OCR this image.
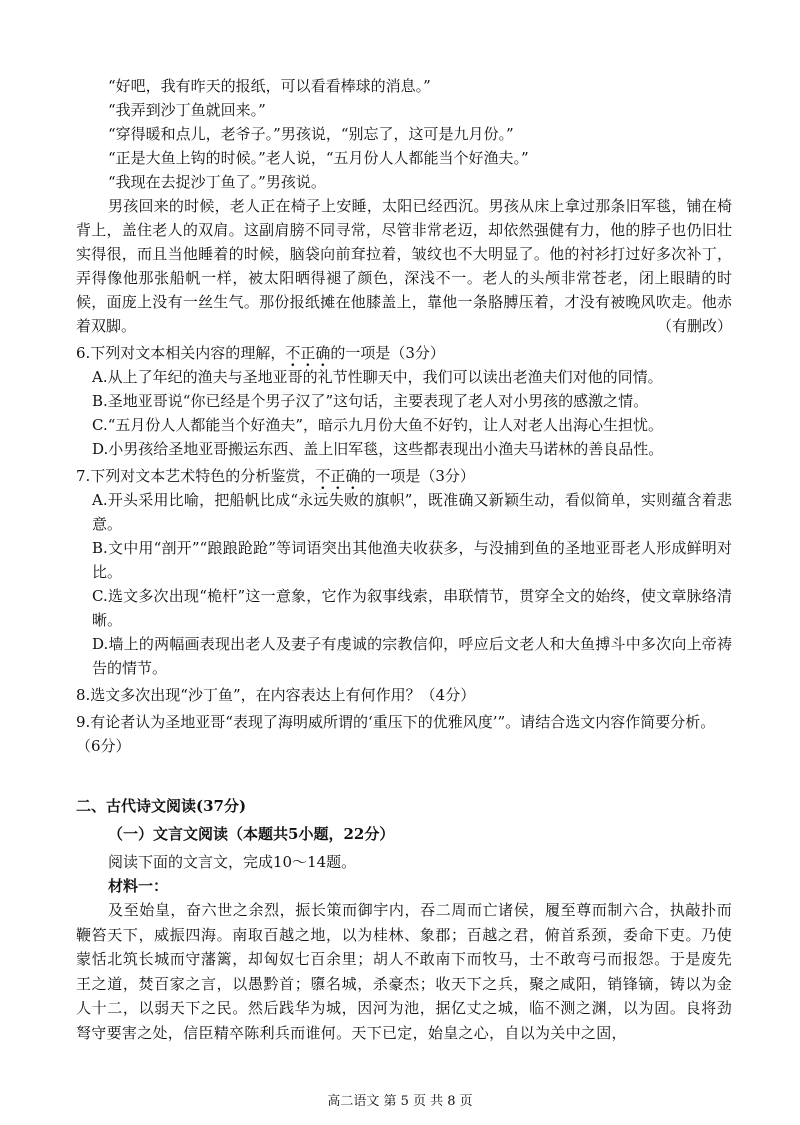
“好吧，我有昨天的报纸，可以看看棒球的消息。”
“我弄到沙丁鱼就回来。”
“穿得暖和点儿，老爷子。”男孩说，“别忘了，这可是九月份。”
“正是大鱼上钩的时候。”老人说，“五月份人人都能当个好渔夫。”
“我现在去捉沙丁鱼了。”男孩说。
男孩回来的时候，老人正在椅子上安睡，太阳已经西沉。男孩从床上拿过那条旧军毯，铺在椅背上，盖住老人的双肩。这副肩膀不同寻常，尽管非常老迈，却依然强健有力，他的脖子也仍旧壮实得很，而且当他睡着的时候，脑袋向前耷拉着，皱纹也不大明显了。他的衬衫打过好多次补丁，弄得像他那张船帆一样，被太阳晒得褪了颜色，深浅不一。老人的头颅非常苍老，闭上眼睛的时候，面庞上没有一丝生气。那份报纸摊在他膝盖上，靠他一条胳膊压着，才没有被晚风吹走。他赤着双脚。	（有删改）
6.下列对文本相关内容的理解，不正确的一项是（3分）
A.从上了年纪的渔夫与圣地亚哥的礼节性聊天中，我们可以读出老渔夫们对他的同情。
B.圣地亚哥说“你已经是个男子汉了”这句话，主要表现了老人对小男孩的感激之情。
C.“五月份人人都能当个好渔夫”，暗示九月份大鱼不好钓，让人对老人出海心生担忧。
D.小男孩给圣地亚哥搬运东西、盖上旧军毯，这些都表现出小渔夫马诺林的善良品性。
7.下列对文本艺术特色的分析鉴赏，不正确的一项是（3分）
A.开头采用比喻，把船帆比成“永远失败的旗帜”，既准确又新颖生动，看似简单，实则蕴含着悲意。
B.文中用“剖开”“踉踉跄跄”等词语突出其他渔夫收获多，与没捕到鱼的圣地亚哥老人形成鲜明对比。
C.选文多次出现“桅杆”这一意象，它作为叙事线索，串联情节，贯穿全文的始终，使文章脉络清晰。
D.墙上的两幅画表现出老人及妻子有虔诚的宗教信仰，呼应后文老人和大鱼搏斗中多次向上帝祷告的情节。
8.选文多次出现“沙丁鱼”，在内容表达上有何作用？（4分）
9.有论者认为圣地亚哥“表现了海明威所谓的‘重压下的优雅风度’”。请结合选文内容作简要分析。（6分）
二、古代诗文阅读(37分)
（一）文言文阅读（本题共5小题，22分）
阅读下面的文言文，完成10～14题。
材料一：
及至始皇，奋六世之余烈，振长策而御宇内，吞二周而亡诸侯，履至尊而制六合，执敲扑而鞭笞天下，威振四海。南取百越之地，以为桂林、象郡；百越之君，俯首系颈，委命下吏。乃使蒙恬北筑长城而守藩篱，却匈奴七百余里；胡人不敢南下而牧马，士不敢弯弓而报怨。于是废先王之道，焚百家之言，以愚黔首；隳名城，杀豪杰；收天下之兵，聚之咸阳，销锋镝，铸以为金人十二，以弱天下之民。然后践华为城，因河为池，据亿丈之城，临不测之渊，以为固。良将劲弩守要害之处，信臣精卒陈利兵而谁何。天下已定，始皇之心，自以为关中之固，
高二语文 第 5 页 共 8 页
